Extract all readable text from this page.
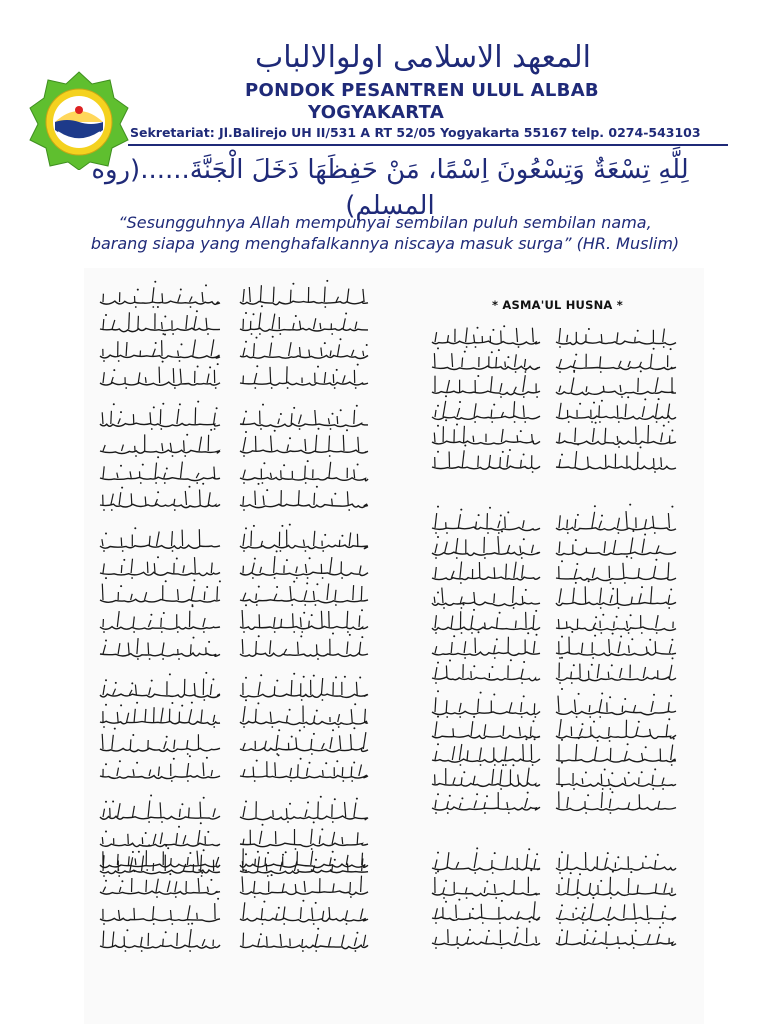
المعهد الاسلامى اولوالالباب
PONDOK PESANTREN ULUL ALBAB
YOGYAKARTA
Sekretariat: Jl.Balirejo UH II/531 A RT 52/05 Yogyakarta 55167 telp. 0274-543103
لِلَّهِ تِسْعَةٌ وَتِسْعُونَ اِسْمًا، مَنْ حَفِظَهَا دَخَلَ الْجَنَّةَ......(روه
المسلم)
“Sesungguhnya Allah mempunyai sembilan puluh sembilan nama,
barang siapa yang menghafalkannya niscaya masuk surga” (HR. Muslim)
* ASMA'UL HUSNA *
